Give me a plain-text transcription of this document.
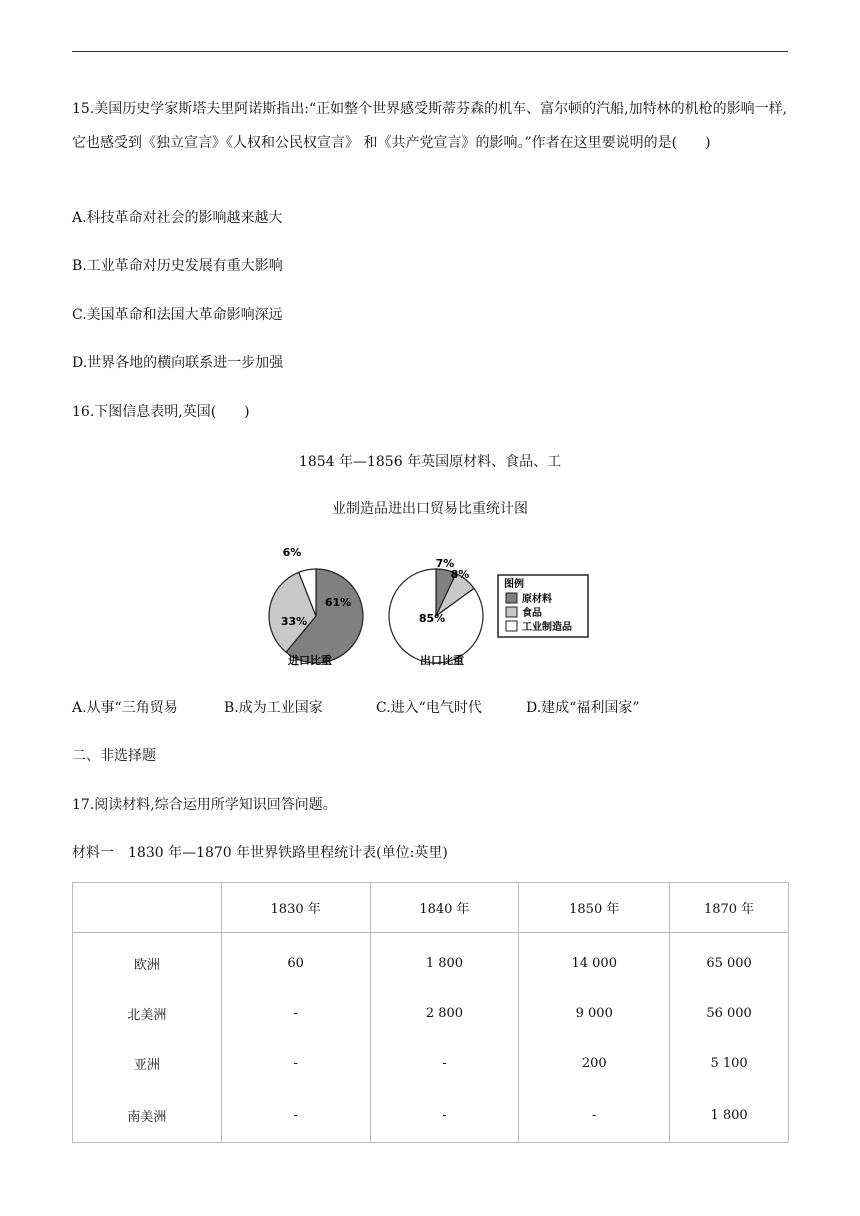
15.美国历史学家斯塔夫里阿诺斯指出:“正如整个世界感受斯蒂芬森的机车、富尔顿的汽船,加特林的机枪的影响一样,它也感受到《独立宣言》《人权和公民权宣言》 和《共产党宣言》的影响。”作者在这里要说明的是(　　)
A.科技革命对社会的影响越来越大
B.工业革命对历史发展有重大影响
C.美国革命和法国大革命影响深远
D.世界各地的横向联系进一步加强
16.下图信息表明,英国(　　)
1854 年—1856 年英国原材料、食品、工
业制造品进出口贸易比重统计图
61%
33%
6%
进口比重
7%
8%
85%
出口比重
图例
原材料
食品
工业制造品
A.从事“三角贸易	B.成为工业国家	C.进入“电气时代	D.建成“福利国家”
二、非选择题
17.阅读材料,综合运用所学知识回答问题。
材料一　1830 年—1870 年世界铁路里程统计表(单位:英里)
	1830 年	1840 年	1850 年	1870 年
欧洲	60	1 800	14 000	65 000
北美洲	-	2 800	9 000	56 000
亚洲	-	-	200	5 100
南美洲	-	-	-	1 800
